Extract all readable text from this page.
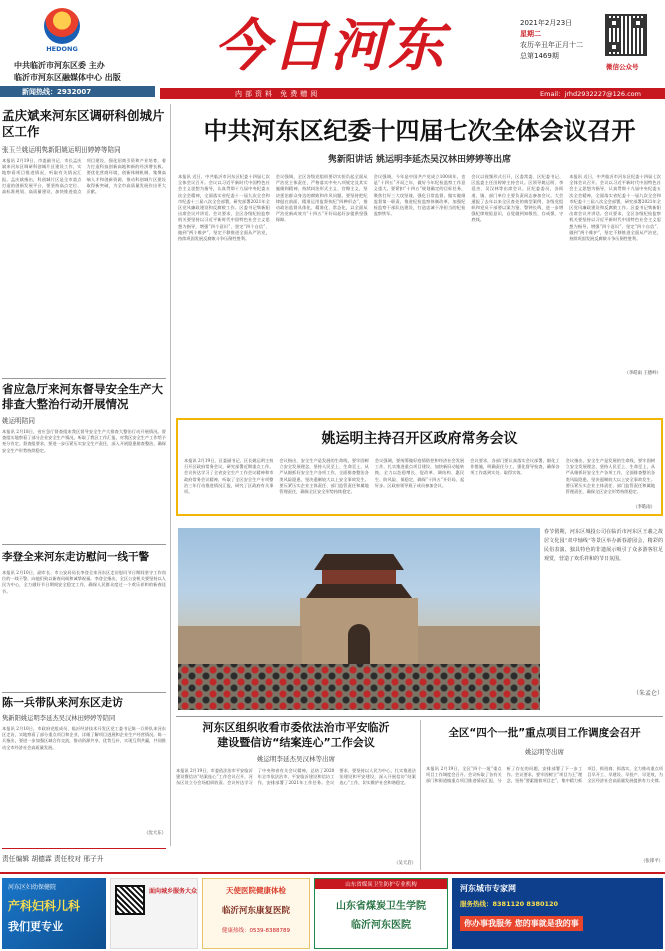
HEDONG
中共临沂市河东区委 主办
临沂市河东区融媒体中心 出版
新闻热线：2932007
今日河东
内部资料 免费赠阅	Email：jrhd2932227@126.com
2021年2月23日
星期二
农历辛丑年正月十二
总第1469期
微信公众号
孟庆斌来河东区调研科创城片区工作
张玉兰姚运明隽新阳姚运明田婷婷等陪同
本报讯 2月19日，市委副书记、市长孟庆斌来河东区调研科创城片区建设工作，实地察看项目推进情况，听取有关情况汇报。孟庆斌指出，科创城片区是全市重点打造的创新发展平台，要坚持高点定位、高标准规划、高质量建设，加快推进重点项目建设，强化招商引资和产业培育，着力打造科技创新高地和新的经济增长极。要优化营商环境，创新体制机制，集聚高端人才和创新资源，推动科创城片区建设取得新突破，为全市高质量发展作出更大贡献。
省应急厅来河东督导安全生产大排查大整治行动开展情况
姚运明陪同
本报讯 2月18日，省应急厅督查组来我区督导安全生产大排查大整治行动开展情况。督查组实地察看了部分企业安全生产情况，听取了我区工作汇报，对我区安全生产工作给予充分肯定。督查组要求，要进一步压紧压实安全生产责任，深入开展隐患排查整治，确保安全生产形势持续稳定。
李登全来河东走访慰问一线干警
本报讯 2月10日，副市长、市公安局局长李登全来河东区走访慰问节日期间坚守工作岗位的一线干警，向他们致以新春问候和诚挚祝福。李登全指出，全区公安机关要坚持以人民为中心，全力做好节日期间安全稳定工作，确保人民群众度过一个欢乐祥和的新春佳节。
陈一兵带队来河东区走访
隽新阳姚运明李延杰吴汉林田婷婷等陪同
本报讯 2月10日，市政府党组成员、临沂经济技术开发区党工委书记陈一兵带队来河东区走访，实地察看了部分重点项目和企业，详细了解项目进展和企业生产经营情况。陈一兵指出，要进一步加强区域合作交流，推动资源共享、优势互补，实现互利共赢，共同推动全市经济社会高质量发展。
（沈大东）
责任编辑 胡德霖 责任校对 邢子升
中共河东区纪委十四届七次全体会议召开
隽新阳讲话 姚运明李延杰吴汉林田婷婷等出席
本报讯 近日，中共临沂市河东区纪委十四届七次全体会议召开。会议以习近平新时代中国特色社会主义思想为指导，认真贯彻十九届中央纪委五次全会精神，全面落实省纪委十一届九次全会和市纪委十三届八次全会部署，研究部署2021年全区党风廉政建设和反腐败工作。区委书记隽新阳出席会议并讲话。会议要求，全区各级纪检监察机关要坚持以习近平新时代中国特色社会主义思想为指导，增强“四个意识”、坚定“四个自信”、做到“两个维护”，坚定不移推进全面从严治党，持续巩固发展反腐败斗争压倒性胜利。
会议强调，全区各级党组织要切实担负起全面从严治党主体责任，严格落实中央八项规定及其实施细则精神，持续纠治形式主义、官僚主义，坚决惩治群众身边的腐败和作风问题。要坚持把纪律挺在前面，精准运用监督执纪“四种形态”，推动政治监督具体化、精准化、常态化，以全面从严治党新成效为“十四五”开好局起好步提供坚强保障。
会议强调，今年是中国共产党成立100周年，也是“十四五”开局之年，做好今年纪检监察工作意义重大。要紧扣“十四五”规划确定的目标任务，聚焦打好三大攻坚战，强化日常监督，做实做细监督第一职责，推进纪检监察体制改革，加强纪检监察干部队伍建设，打造忠诚干净担当的纪检监察铁军。
会议以视频形式召开，区委常委、区纪委书记、区监委主任田婷婷主持会议。区领导姚运明、李延杰、吴汉林等出席会议。区纪委委员，各街道、镇、部门单位主要负责同志参加会议。大会通报了去年以来全区查处的典型案例，各级党组织和党员干部要以案为鉴、警钟长鸣，进一步增强纪律规矩意识，自觉做到知敬畏、存戒惧、守底线。
本报讯 近日，中共临沂市河东区纪委十四届七次全体会议召开。会议以习近平新时代中国特色社会主义思想为指导，认真贯彻十九届中央纪委五次全会精神，全面落实省纪委十一届九次全会和市纪委十三届八次全会部署，研究部署2021年全区党风廉政建设和反腐败工作。区委书记隽新阳出席会议并讲话。会议要求，全区各级纪检监察机关要坚持以习近平新时代中国特色社会主义思想为指导，增强“四个意识”、坚定“四个自信”、做到“两个维护”，坚定不移推进全面从严治党，持续巩固发展反腐败斗争压倒性胜利。
（李皓雨 王德岭）
姚运明主持召开区政府常务会议
本报讯 2月19日，区委副书记、区长姚运明主持召开区政府常务会议，研究部署近期重点工作。会议传达学习了全省安全生产工作会议精神和市政府常务会议精神，听取了全区安全生产专项整治三年行动推进情况汇报，研究了区政府有关事项。
会议指出，安全生产是发展的生命线，要牢固树立安全发展理念，坚持人民至上、生命至上，从严从细抓好安全生产各项工作，全面排查整治各类风险隐患，坚决遏制较大以上安全事故发生。要压紧压实企业主体责任、部门监管责任和属地管理责任，确保全区安全形势持续稳定。
会议强调，要统筹做好疫情防控和经济社会发展工作，扎实推进重点项目建设，加快新旧动能转换，全力以赴稳增长、促改革、调结构、惠民生、防风险、保稳定，确保“十四五”开好局、起好步。区政府领导班子成员参加会议。
会议要求，各部门要认真落实会议部署，细化工作措施，明确责任分工，强化督导检查，确保各项工作落到实处、取得实效。
会议指出，安全生产是发展的生命线，要牢固树立安全发展理念，坚持人民至上、生命至上，从严从细抓好安全生产各项工作，全面排查整治各类风险隐患，坚决遏制较大以上安全事故发生。要压紧压实企业主体责任、部门监管责任和属地管理责任，确保全区安全形势持续稳定。
（李皓雨）
春节假期，河东区城投公司在临沂市河东区王羲之故居文化园“双中轴线”等景区举办新春游园会，精彩的民俗表演、独具特色的非遗展示吸引了众多游客驻足观赏，营造了欢乐祥和的节日氛围。
（朱孟仑）
河东区组织收看市委依法治市平安临沂建设暨信访“结案连心”工作会议
姚运明李延杰吴汉林等出席
本报讯 2月19日，市委依法治市平安临沂建设暨信访“结案连心”工作会议召开，河东区设立分会场组织收看。会议传达学习了中央和省有关会议精神，总结了2020年全市依法治市、平安临沂建设和信访工作，安排部署了2021年工作任务。会议要求，要坚持以人民为中心，扎实推进法治建设和平安建设，深入开展信访“结案连心”工作，切实维护社会和谐稳定。
（吴天启）
全区“四个一批”重点项目工作调度会召开
姚运明等出席
本报讯 2月19日，全区“四个一批”重点项目工作调度会召开。会议听取了各有关部门和街道镇重点项目推进情况汇报，分析了存在的问题，安排部署了下一步工作。会议要求，要牢固树立“项目为王”理念，坚持“要素跟着项目走”，集中精力抓项目、抓招商、抓落实，全力推动重点项目早开工、早建设、早投产、早见效，为全区经济社会高质量发展提供有力支撑。
（张锋平）
河东区妇幼保健院
产科妇科儿科
我们更专业
面向城乡服务大众	天使医院健康体检
临沂河东康复医院
健康热线：0539-8388789
山东省煤炭卫生防护专业机构
山东省煤炭卫生学院
临沂河东医院
河东城市专家网
服务热线：8381120 8380120
你办事我服务 您的事就是我的事
